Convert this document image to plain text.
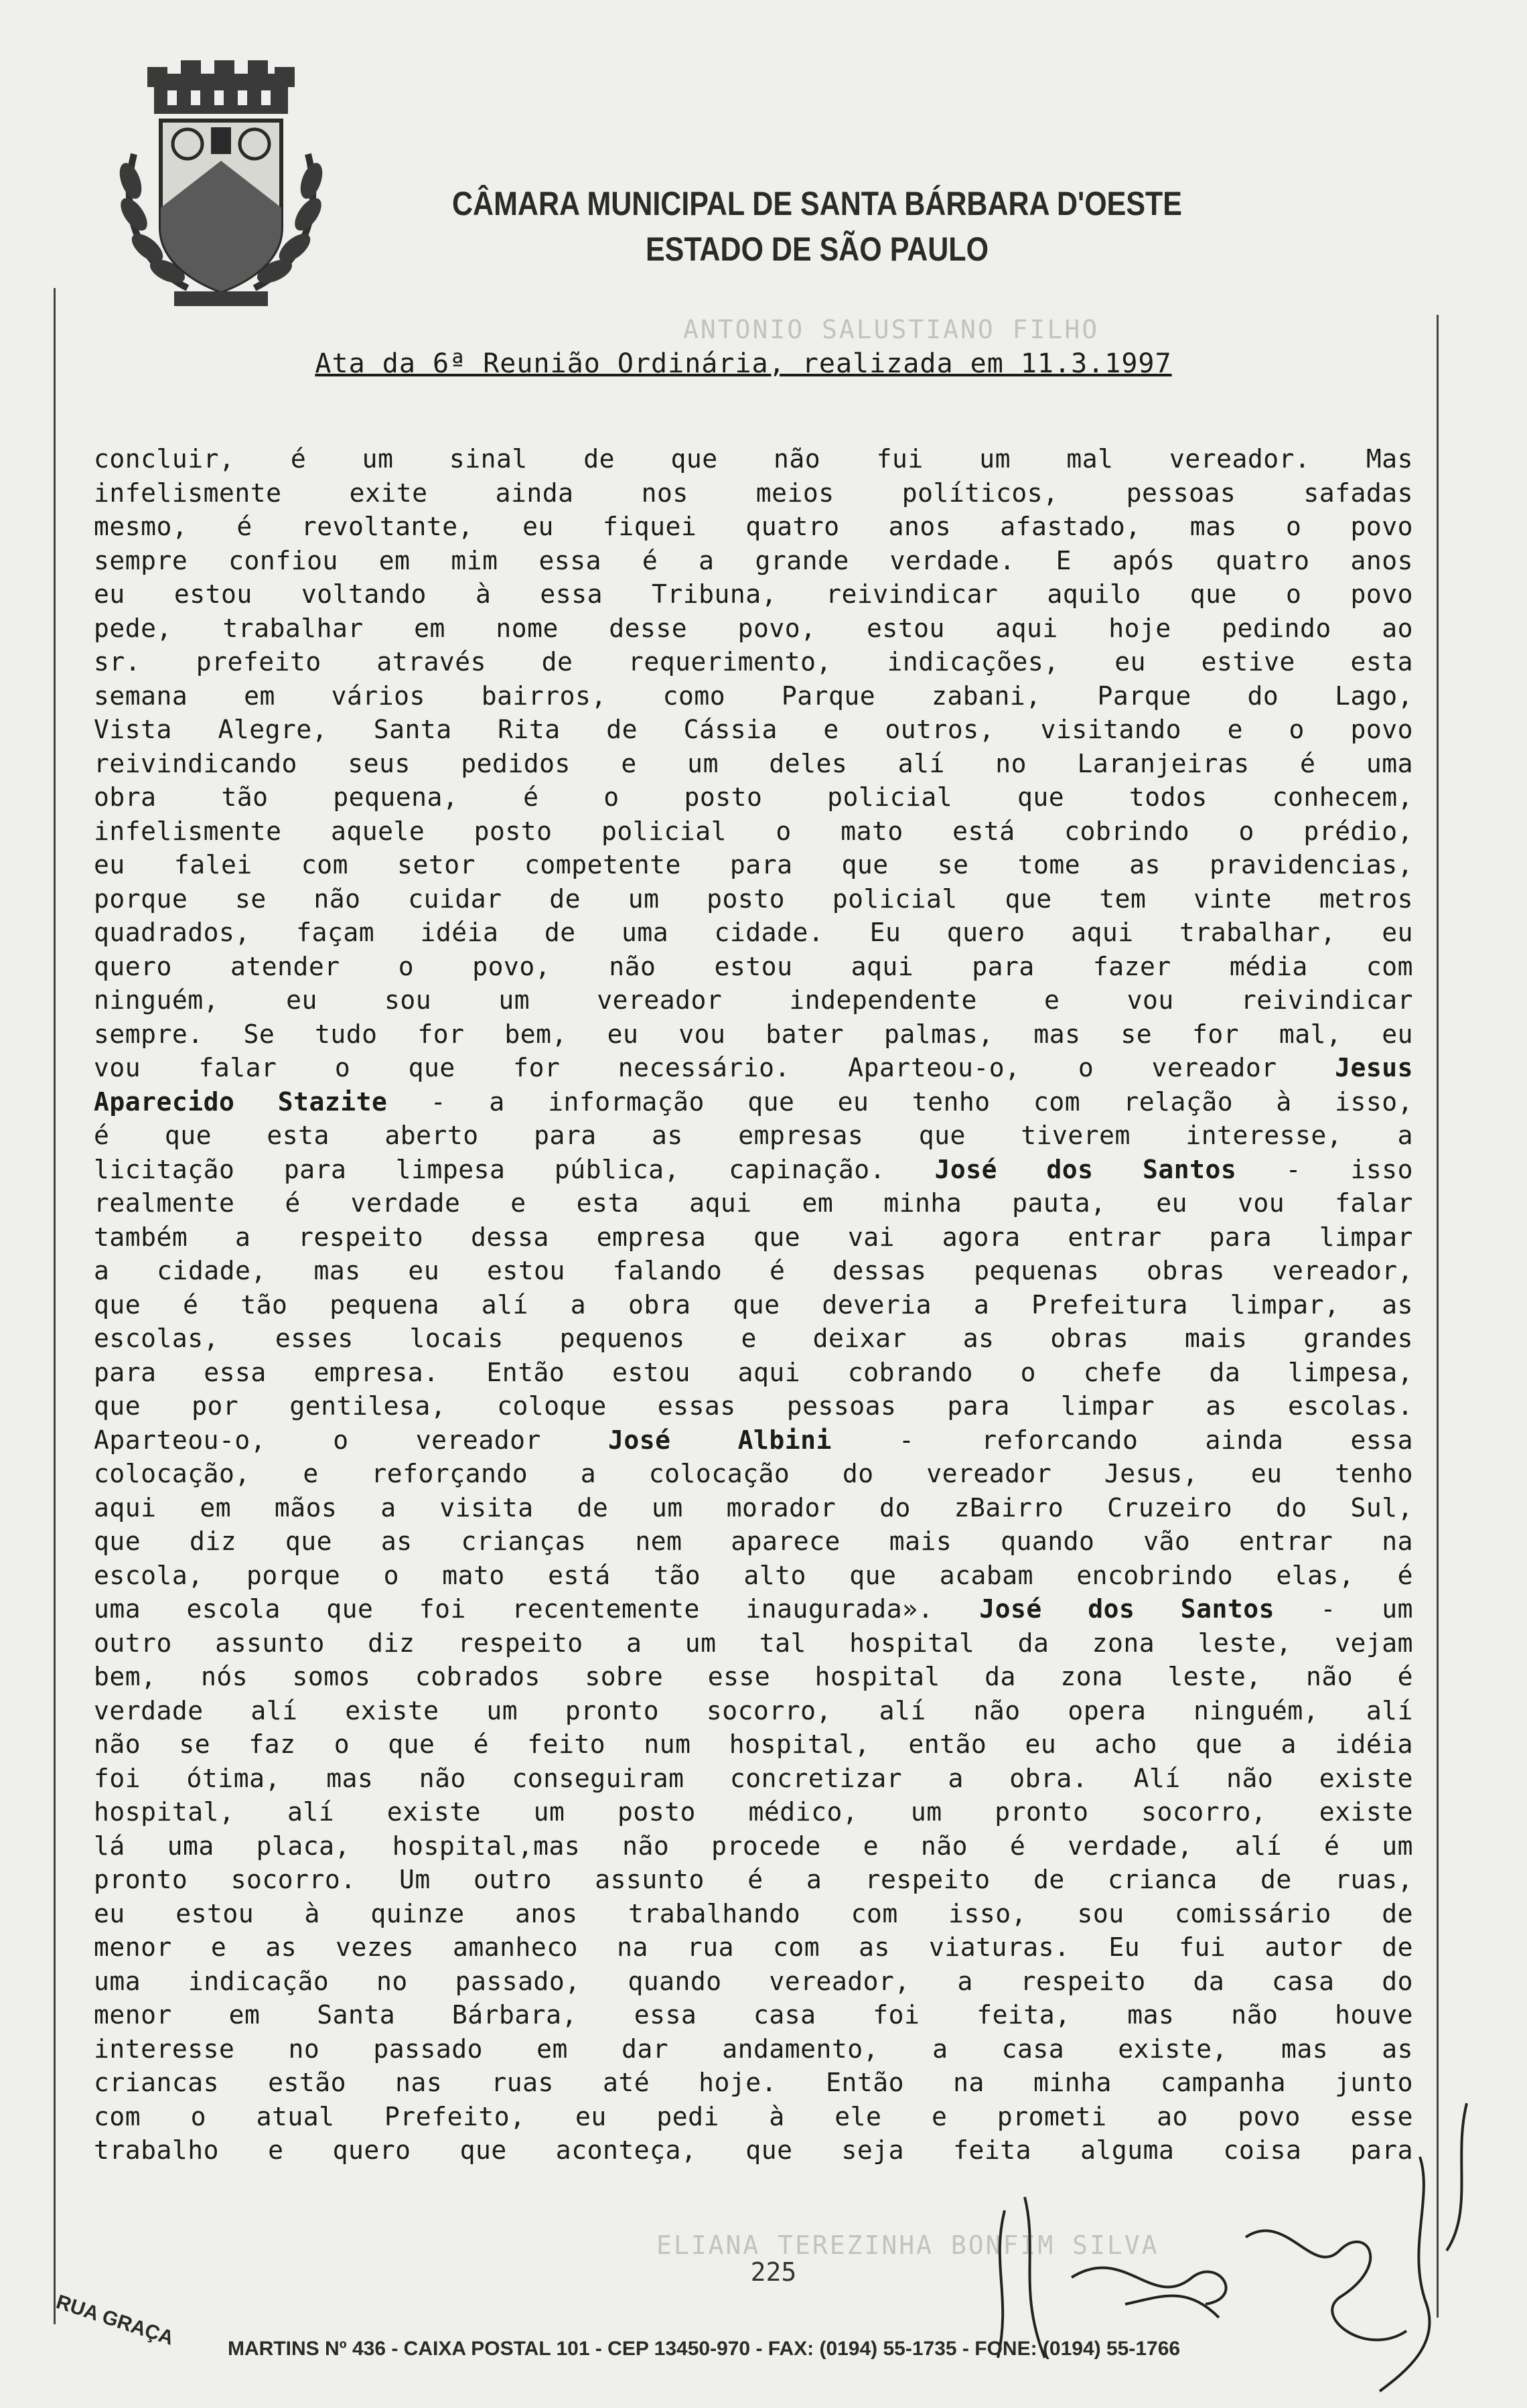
CÂMARA MUNICIPAL DE SANTA BÁRBARA D'OESTE
ESTADO DE SÃO PAULO
ANTONIO SALUSTIANO FILHO
Ata da 6ª Reunião Ordinária, realizada em 11.3.1997
concluir, é um sinal de que não fui um mal vereador. Mas
infelismente exite ainda nos meios políticos, pessoas safadas
mesmo, é revoltante, eu fiquei quatro anos afastado, mas o povo
sempre confiou em mim essa é a grande verdade. E após quatro anos
eu estou voltando à essa Tribuna, reivindicar aquilo que o povo
pede, trabalhar em nome desse povo, estou aqui hoje pedindo ao
sr. prefeito através de requerimento, indicações, eu estive esta
semana em vários bairros, como Parque zabani, Parque do Lago,
Vista Alegre, Santa Rita de Cássia e outros, visitando e o povo
reivindicando seus pedidos e um deles alí no Laranjeiras é uma
obra tão pequena, é o posto policial que todos conhecem,
infelismente aquele posto policial o mato está cobrindo o prédio,
eu falei com setor competente para que se tome as pravidencias,
porque se não cuidar de um posto policial que tem vinte metros
quadrados, façam idéia de uma cidade. Eu quero aqui trabalhar, eu
quero atender o povo, não estou aqui para fazer média com
ninguém, eu sou um vereador independente e vou reivindicar
sempre. Se tudo for bem, eu vou bater palmas, mas se for mal, eu
vou falar o que for necessário. Aparteou-o, o vereador Jesus
Aparecido Stazite - a informação que eu tenho com relação à isso,
é que esta aberto para as empresas que tiverem interesse, a
licitação para limpesa pública, capinação. José dos Santos - isso
realmente é verdade e esta aqui em minha pauta, eu vou falar
também a respeito dessa empresa que vai agora entrar para limpar
a cidade, mas eu estou falando é dessas pequenas obras vereador,
que é tão pequena alí a obra que deveria a Prefeitura limpar, as
escolas, esses locais pequenos e deixar as obras mais grandes
para essa empresa. Então estou aqui cobrando o chefe da limpesa,
que por gentilesa, coloque essas pessoas para limpar as escolas.
Aparteou-o, o vereador José Albini - reforcando ainda essa
colocação, e reforçando a colocação do vereador Jesus, eu tenho
aqui em mãos a visita de um morador do zBairro Cruzeiro do Sul,
que diz que as crianças nem aparece mais quando vão entrar na
escola, porque o mato está tão alto que acabam encobrindo elas, é
uma escola que foi recentemente inaugurada». José dos Santos - um
outro assunto diz respeito a um tal hospital da zona leste, vejam
bem, nós somos cobrados sobre esse hospital da zona leste, não é
verdade alí existe um pronto socorro, alí não opera ninguém, alí
não se faz o que é feito num hospital, então eu acho que a idéia
foi ótima, mas não conseguiram concretizar a obra. Alí não existe
hospital, alí existe um posto médico, um pronto socorro, existe
lá uma placa, hospital,mas não procede e não é verdade, alí é um
pronto socorro. Um outro assunto é a respeito de crianca de ruas,
eu estou à quinze anos trabalhando com isso, sou comissário de
menor e as vezes amanheco na rua com as viaturas. Eu fui autor de
uma indicação no passado, quando vereador, a respeito da casa do
menor em Santa Bárbara, essa casa foi feita, mas não houve
interesse no passado em dar andamento, a casa existe, mas as
criancas estão nas ruas até hoje. Então na minha campanha junto
com o atual Prefeito, eu pedi à ele e prometi ao povo esse
trabalho e quero que aconteça, que seja feita alguma coisa para
ELIANA TEREZINHA BONFIM SILVA
225
RUA GRAÇA	MARTINS Nº 436 - CAIXA POSTAL 101 - CEP 13450-970 - FAX: (0194) 55-1735 - FONE: (0194) 55-1766
